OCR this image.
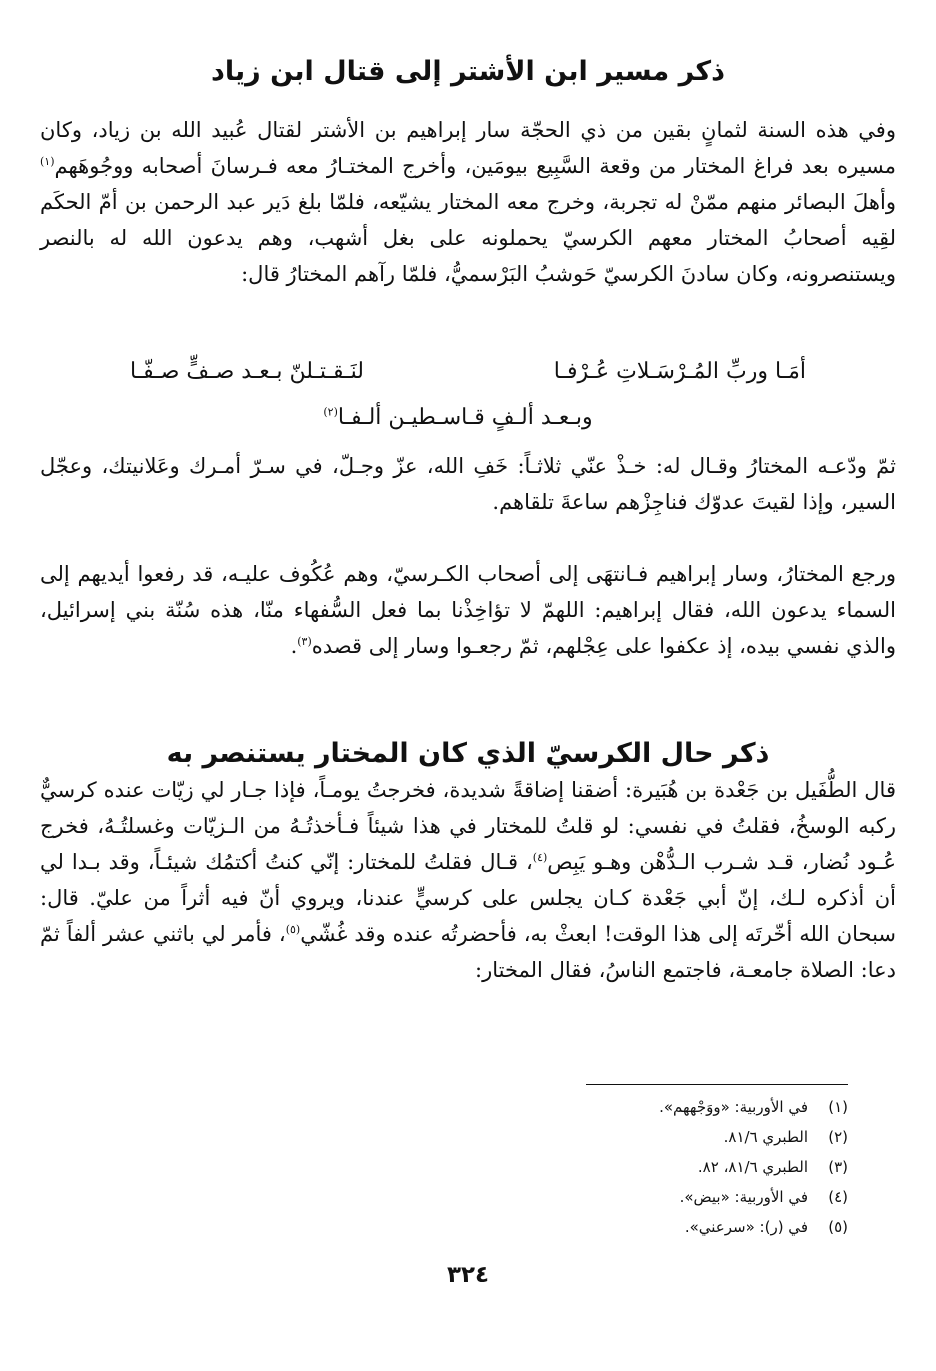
ذكر مسير ابن الأشتر إلى قتال ابن زياد

وفي هذه السنة لثمانٍ بقين من ذي الحجّة سار إبراهيم بن الأشتر لقتال عُبيد الله بن زياد، وكان مسيره بعد فراغ المختار من وقعة السَّبِيع بيومَين، وأخرج المختـارُ معه فـرسانَ أصحابه ووجُوهَهم$^{(١)}$ وأهلَ البصائر منهم ممّنْ له تجربة، وخرج معه المختار يشيّعه، فلمّا بلغ دَير عبد الرحمن بن أمّ الحكَم لقِيه أصحابُ المختار معهم الكرسيّ يحملونه على بغل أشهب، وهم يدعون الله له بالنصر ويستنصرونه، وكان سادنَ الكرسيّ حَوشبُ البَرْسميُّ، فلمّا رآهم المختارُ قال:

أمَـا وربِّ المُـرْسَـلاتِ عُـرْفـا
لنَـقـتـلنّ بـعـد صـفٍّ صـفّـا
وبـعـد ألـفٍ قـاسـطيـن ألـفـا$^{(٢)}$

ثمّ ودّعـه المختارُ وقـال له: خـذْ عنّي ثلاثـاً: خَفِ الله، عزّ وجـلّ، في سـرّ أمـرك وعَلانيتك، وعجّل السير، وإذا لقيتَ عدوّك فناجِزْهم ساعةَ تلقاهم.

ورجع المختارُ، وسار إبراهيم فـانتهَى إلى أصحاب الكـرسيّ، وهم عُكُوف عليـه، قد رفعوا أيديهم إلى السماء يدعون الله، فقال إبراهيم: اللهمّ لا تؤاخِذْنا بما فعل السُّفهاء منّا، هذه سُنّة بني إسرائيل، والذي نفسي بيده، إذ عكفوا على عِجْلهم، ثمّ رجعـوا وسار إلى قصده$^{(٣)}$.

ذكر حال الكرسيّ الذي كان المختار يستنصر به

قال الطُّفَيل بن جَعْدة بن هُبَيرة: أضقنا إضاقةً شديدة، فخرجتُ يومـاً، فإذا جـار لي زيّات عنده كرسيٌّ ركبه الوسخُ، فقلتُ في نفسي: لو قلتُ للمختار في هذا شيئاً فـأخذتُـهُ من الـزيّات وغسلتُـهُ، فخرج عُـود نُضار، قـد شـرب الـدُّهْن وهـو يَبِص$^{(٤)}$، قـال فقلتُ للمختار: إنّي كنتُ أكتمُك شيئـاً، وقد بـدا لي أن أذكره لـك، إنّ أبي جَعْدة كـان يجلس على كرسيٍّ عندنا، ويروي أنّ فيه أثراً من عليّ. قال: سبحان الله أخّرتَه إلى هذا الوقت! ابعثْ به، فأحضرتُه عنده وقد غُشّي$^{(٥)}$، فأمر لي باثني عشر ألفاً ثمّ دعا: الصلاة جامعـة، فاجتمع الناسُ، فقال المختار:

(١)في الأوربية: «ووَجْههم».
(٢)الطبري ٨١/٦.
(٣)الطبري ٨١/٦، ٨٢.
(٤)في الأوربية: «بيض».
(٥)في (ر): «سرعني».
٣٢٤
